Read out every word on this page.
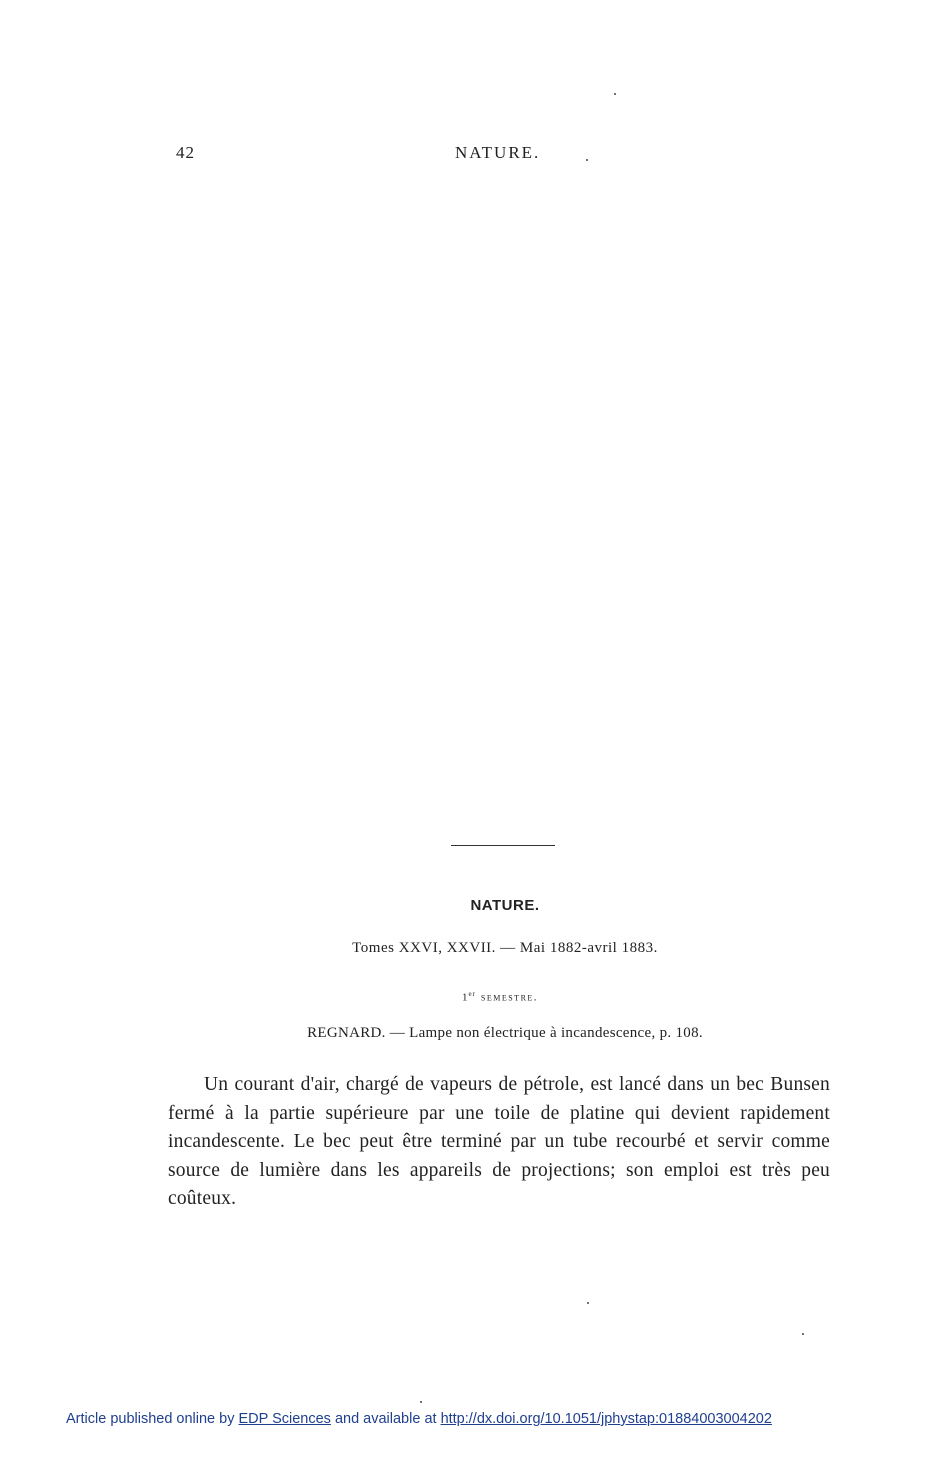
42	NATURE.
NATURE.
Tomes XXVI, XXVII. — Mai 1882-avril 1883.
1er semestre.
REGNARD. — Lampe non électrique à incandescence, p. 108.

Un courant d'air, chargé de vapeurs de pétrole, est lancé dans un bec Bunsen fermé à la partie supérieure par une toile de platine qui devient rapidement incandescente. Le bec peut être terminé par un tube recourbé et servir comme source de lumière dans les appareils de projections; son emploi est très peu coûteux.

Article published online by EDP Sciences and available at http://dx.doi.org/10.1051/jphystap:01884003004202
